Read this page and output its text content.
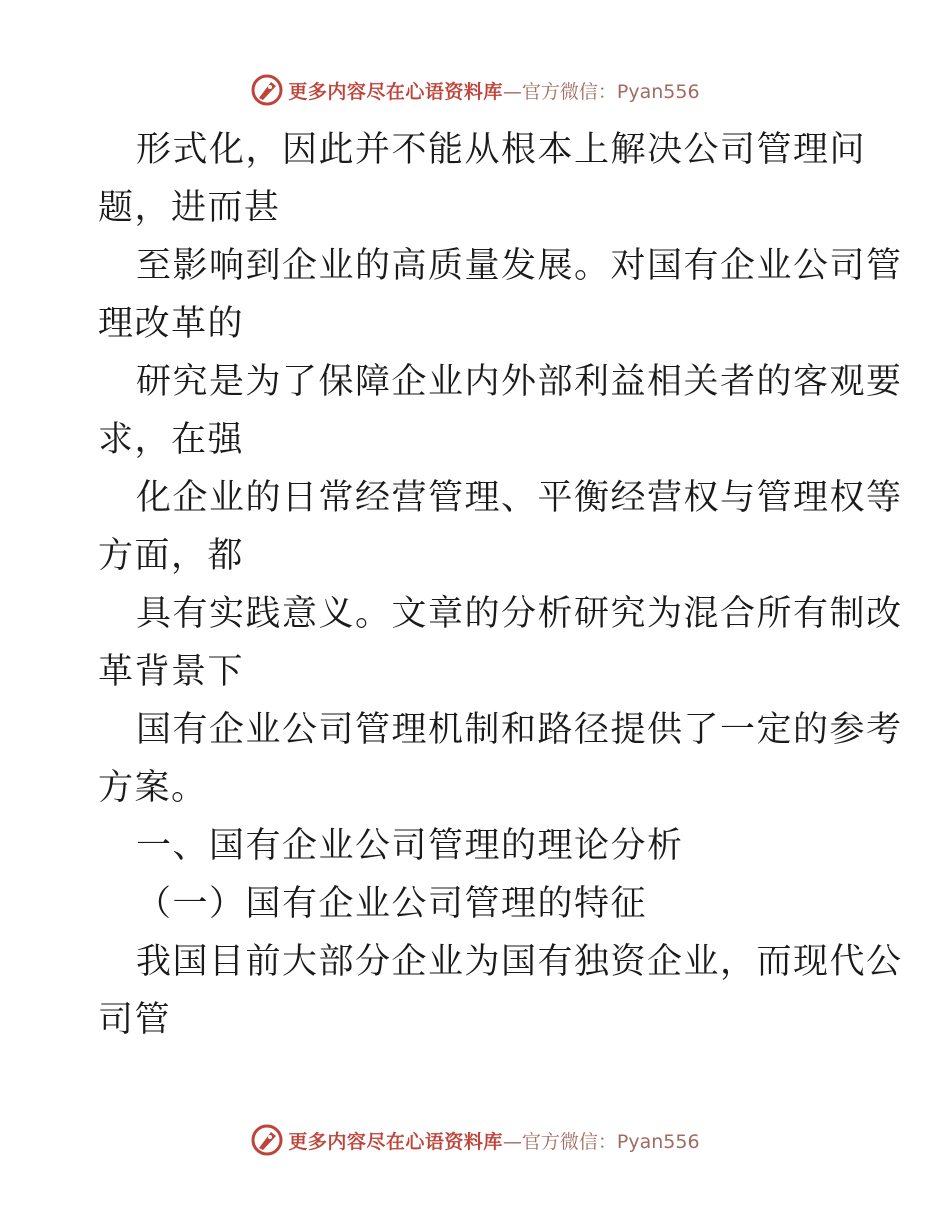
更多内容尽在心语资料库 —官方微信：Pyan556
形式化，因此并不能从根本上解决公司管理问
题，进而甚
至影响到企业的高质量发展。对国有企业公司管
理改革的
研究是为了保障企业内外部利益相关者的客观要
求，在强
化企业的日常经营管理、平衡经营权与管理权等
方面，都
具有实践意义。文章的分析研究为混合所有制改
革背景下
国有企业公司管理机制和路径提供了一定的参考
方案。
一、国有企业公司管理的理论分析
（一）国有企业公司管理的特征
我国目前大部分企业为国有独资企业，而现代公
司管
更多内容尽在心语资料库 —官方微信：Pyan556
